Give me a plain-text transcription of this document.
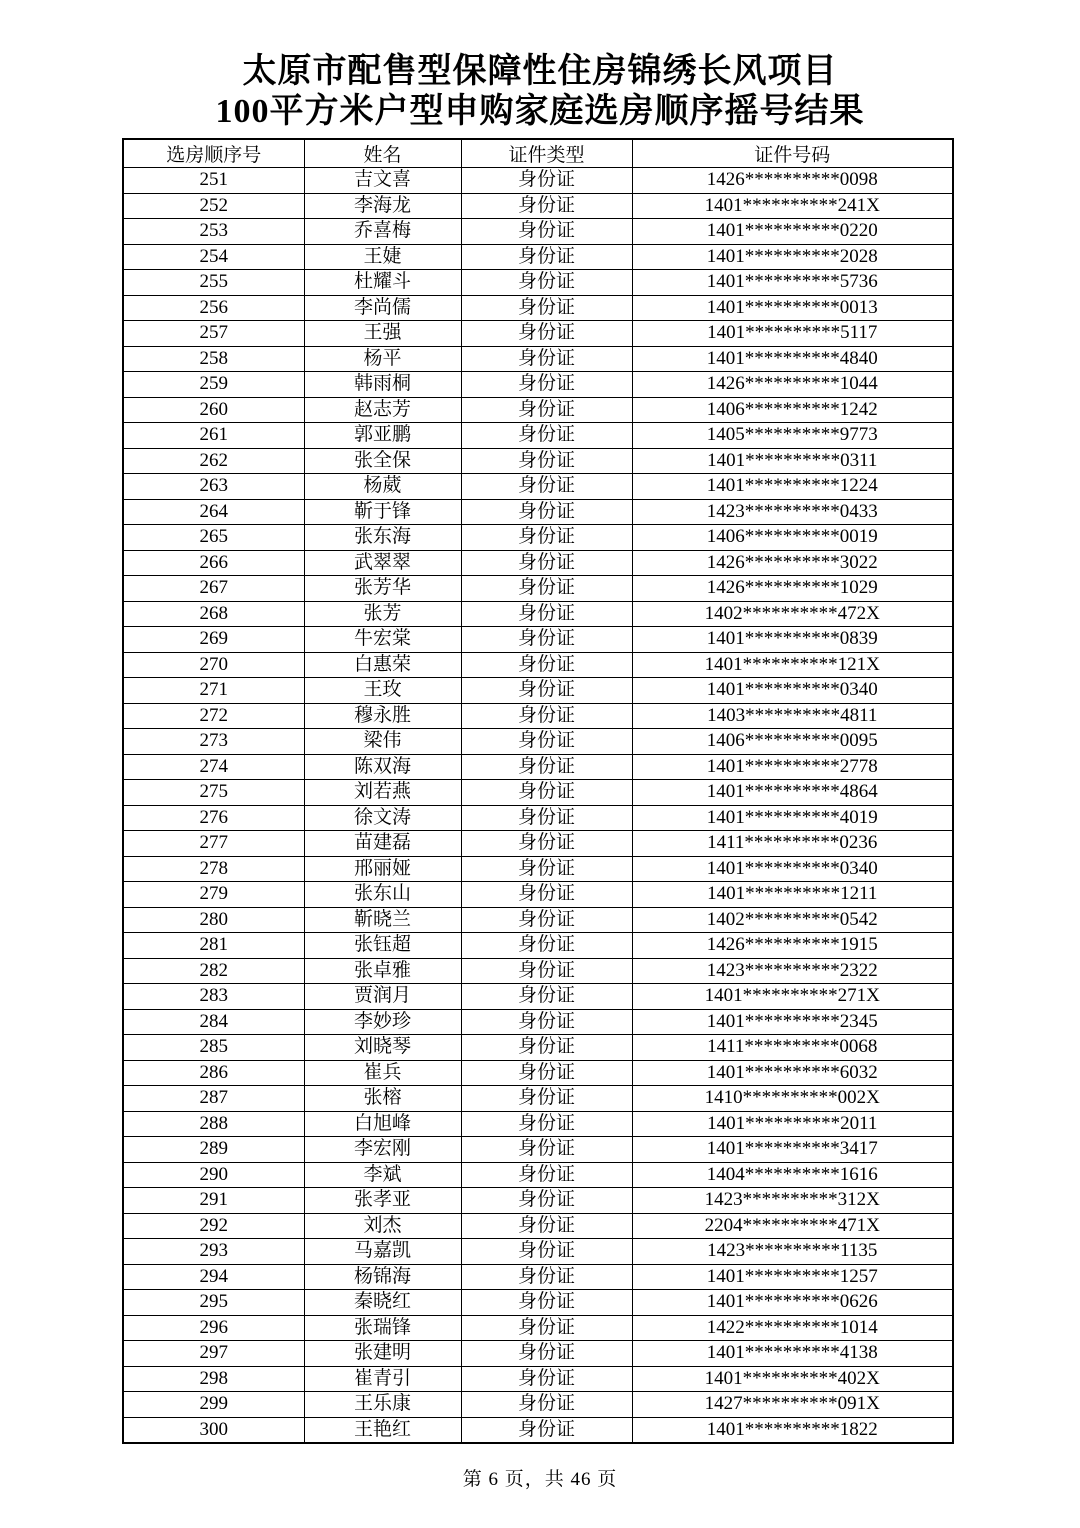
太原市配售型保障性住房锦绣长风项目
100平方米户型申购家庭选房顺序摇号结果
选房顺序号	姓名	证件类型	证件号码
251	吉文喜	身份证	1426**********0098
252	李海龙	身份证	1401**********241X
253	乔喜梅	身份证	1401**********0220
254	王婕	身份证	1401**********2028
255	杜耀斗	身份证	1401**********5736
256	李尚儒	身份证	1401**********0013
257	王强	身份证	1401**********5117
258	杨平	身份证	1401**********4840
259	韩雨桐	身份证	1426**********1044
260	赵志芳	身份证	1406**********1242
261	郭亚鹏	身份证	1405**********9773
262	张全保	身份证	1401**********0311
263	杨葳	身份证	1401**********1224
264	靳于锋	身份证	1423**********0433
265	张东海	身份证	1406**********0019
266	武翠翠	身份证	1426**********3022
267	张芳华	身份证	1426**********1029
268	张芳	身份证	1402**********472X
269	牛宏棠	身份证	1401**********0839
270	白惠荣	身份证	1401**********121X
271	王玫	身份证	1401**********0340
272	穆永胜	身份证	1403**********4811
273	梁伟	身份证	1406**********0095
274	陈双海	身份证	1401**********2778
275	刘若燕	身份证	1401**********4864
276	徐文涛	身份证	1401**********4019
277	苗建磊	身份证	1411**********0236
278	邢丽娅	身份证	1401**********0340
279	张东山	身份证	1401**********1211
280	靳晓兰	身份证	1402**********0542
281	张钰超	身份证	1426**********1915
282	张卓雅	身份证	1423**********2322
283	贾润月	身份证	1401**********271X
284	李妙珍	身份证	1401**********2345
285	刘晓琴	身份证	1411**********0068
286	崔兵	身份证	1401**********6032
287	张榕	身份证	1410**********002X
288	白旭峰	身份证	1401**********2011
289	李宏刚	身份证	1401**********3417
290	李斌	身份证	1404**********1616
291	张孝亚	身份证	1423**********312X
292	刘杰	身份证	2204**********471X
293	马嘉凯	身份证	1423**********1135
294	杨锦海	身份证	1401**********1257
295	秦晓红	身份证	1401**********0626
296	张瑞锋	身份证	1422**********1014
297	张建明	身份证	1401**********4138
298	崔青引	身份证	1401**********402X
299	王乐康	身份证	1427**********091X
300	王艳红	身份证	1401**********1822
第 6 页，共 46 页
